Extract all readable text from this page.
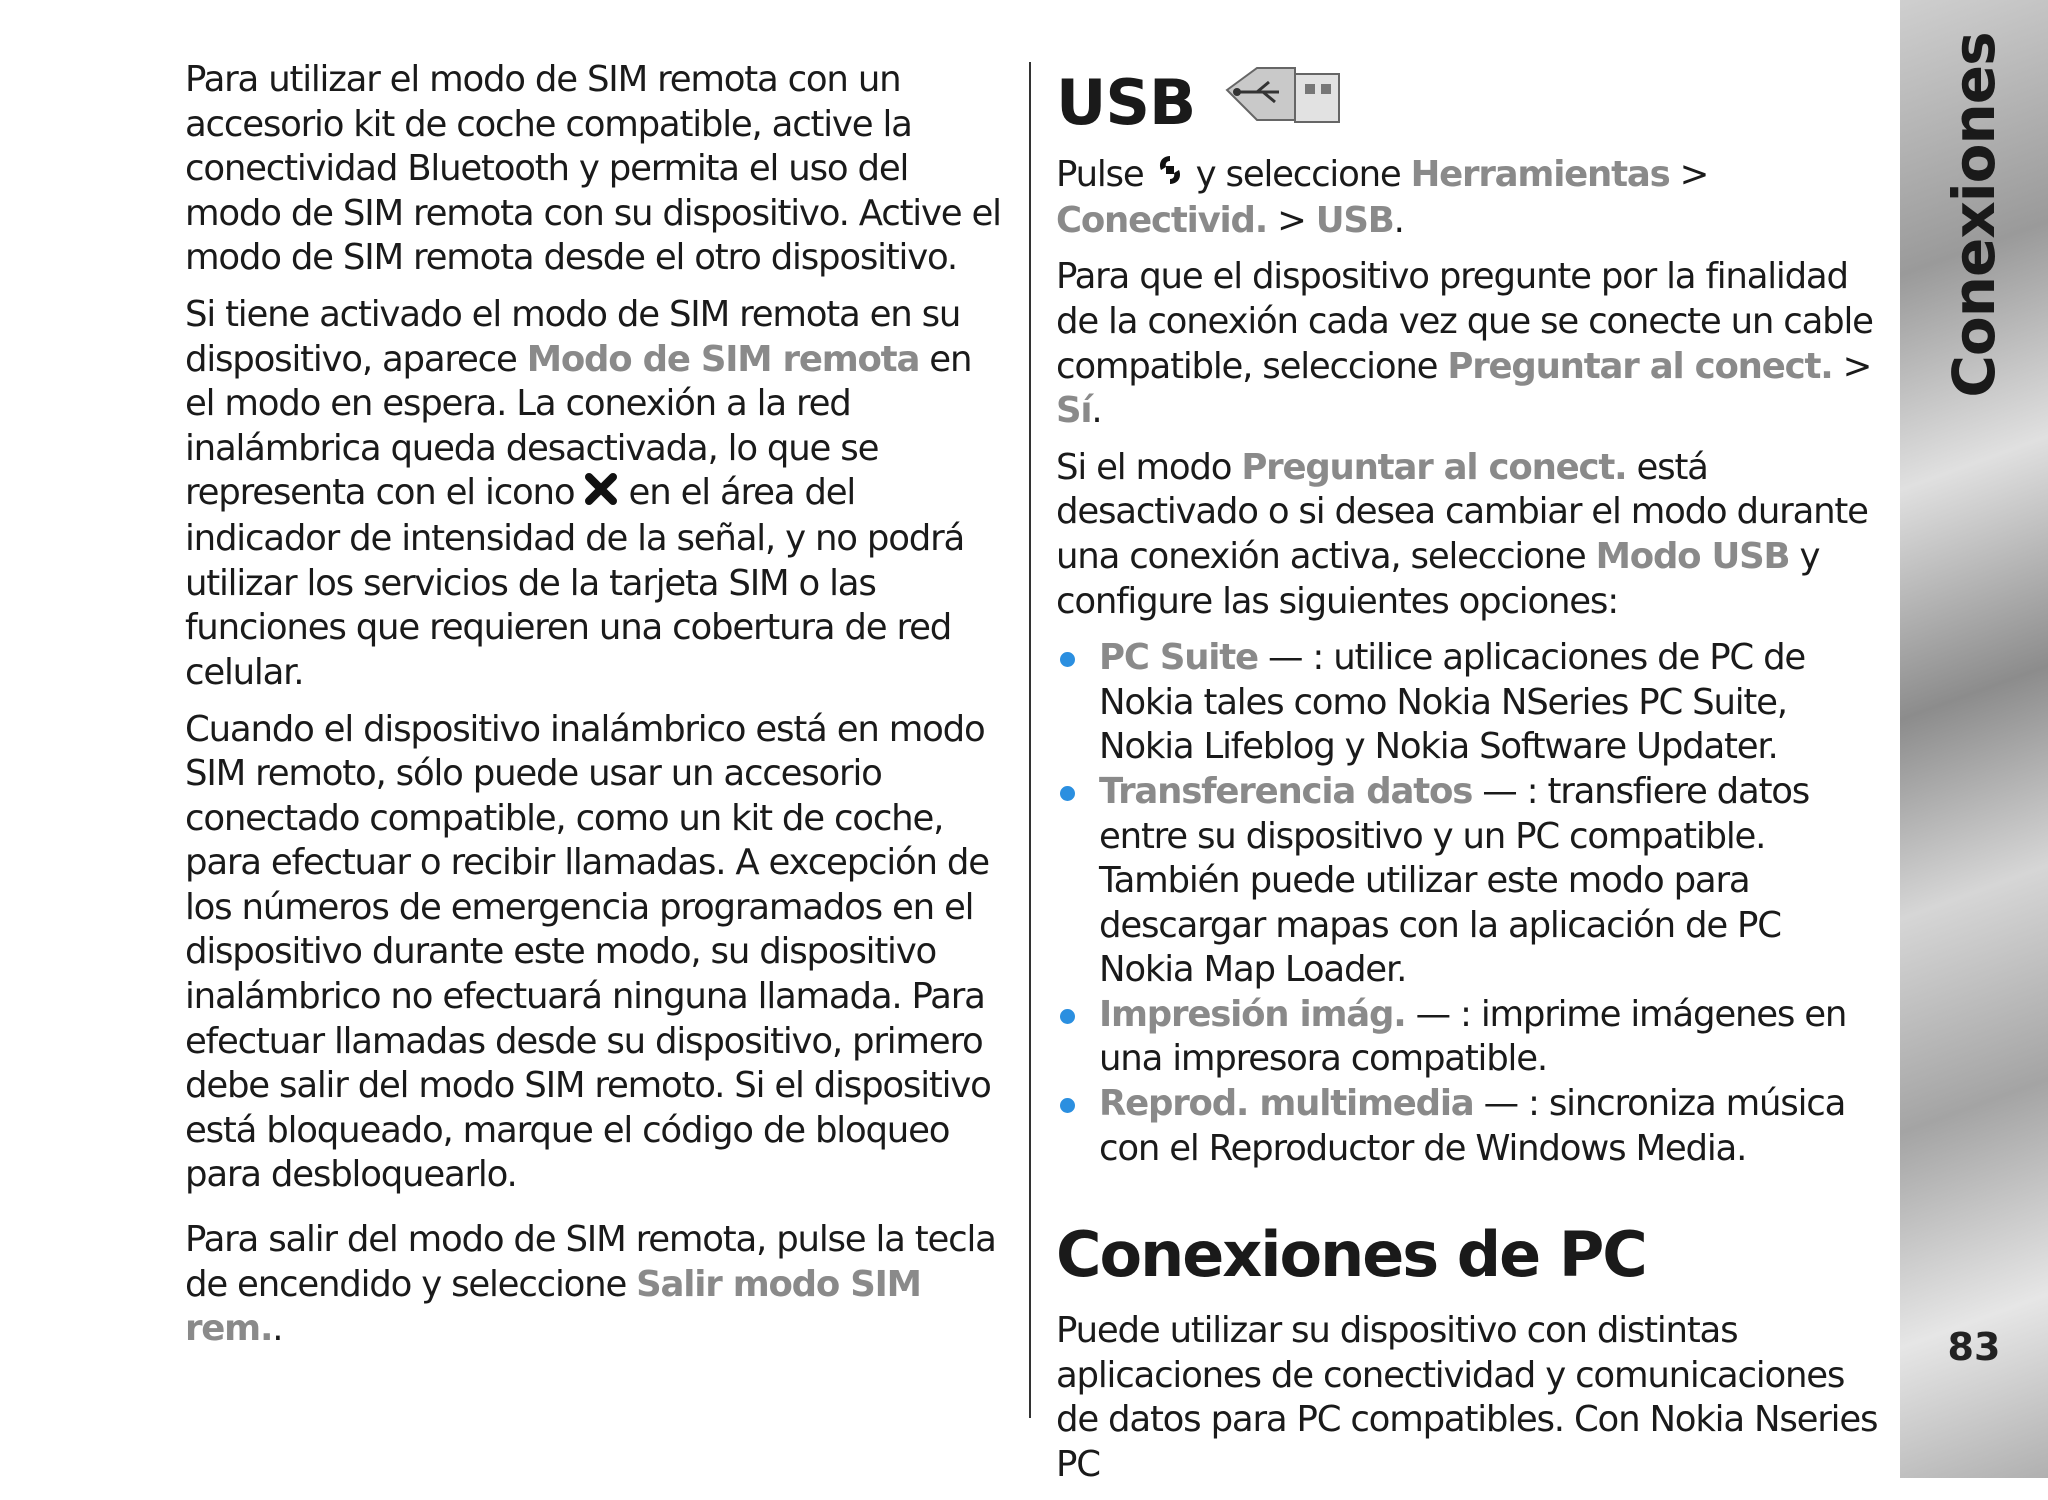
Para utilizar el modo de SIM remota con un accesorio kit de coche compatible, active la conectividad Bluetooth y permita el uso del modo de SIM remota con su dispositivo. Active el modo de SIM remota desde el otro dispositivo.

Si tiene activado el modo de SIM remota en su dispositivo, aparece Modo de SIM remota en el modo en espera. La conexión a la red inalámbrica queda desactivada, lo que se representa con el icono  en el área del indicador de intensidad de la señal, y no podrá utilizar los servicios de la tarjeta SIM o las funciones que requieren una cobertura de red celular.

Cuando el dispositivo inalámbrico está en modo SIM remoto, sólo puede usar un accesorio conectado compatible, como un kit de coche, para efectuar o recibir llamadas. A excepción de los números de emergencia programados en el dispositivo durante este modo, su dispositivo inalámbrico no efectuará ninguna llamada. Para efectuar llamadas desde su dispositivo, primero debe salir del modo SIM remoto. Si el dispositivo está bloqueado, marque el código de bloqueo para desbloquearlo.

Para salir del modo de SIM remota, pulse la tecla de encendido y seleccione Salir modo SIM rem..

USB

Pulse  y seleccione Herramientas > Conectivid. > USB.

Para que el dispositivo pregunte por la finalidad de la conexión cada vez que se conecte un cable compatible, seleccione Preguntar al conect. > Sí.

Si el modo Preguntar al conect. está desactivado o si desea cambiar el modo durante una conexión activa, seleccione Modo USB y configure las siguientes opciones:

PC Suite — : utilice aplicaciones de PC de Nokia tales como Nokia NSeries PC Suite, Nokia Lifeblog y Nokia Software Updater.
Transferencia datos — : transfiere datos entre su dispositivo y un PC compatible. También puede utilizar este modo para descargar mapas con la aplicación de PC Nokia Map Loader.
Impresión imág. — : imprime imágenes en una impresora compatible.
Reprod. multimedia — : sincroniza música con el Reproductor de Windows Media.
Conexiones de PC

Puede utilizar su dispositivo con distintas aplicaciones de conectividad y comunicaciones de datos para PC compatibles. Con Nokia Nseries PC

Conexiones
83
